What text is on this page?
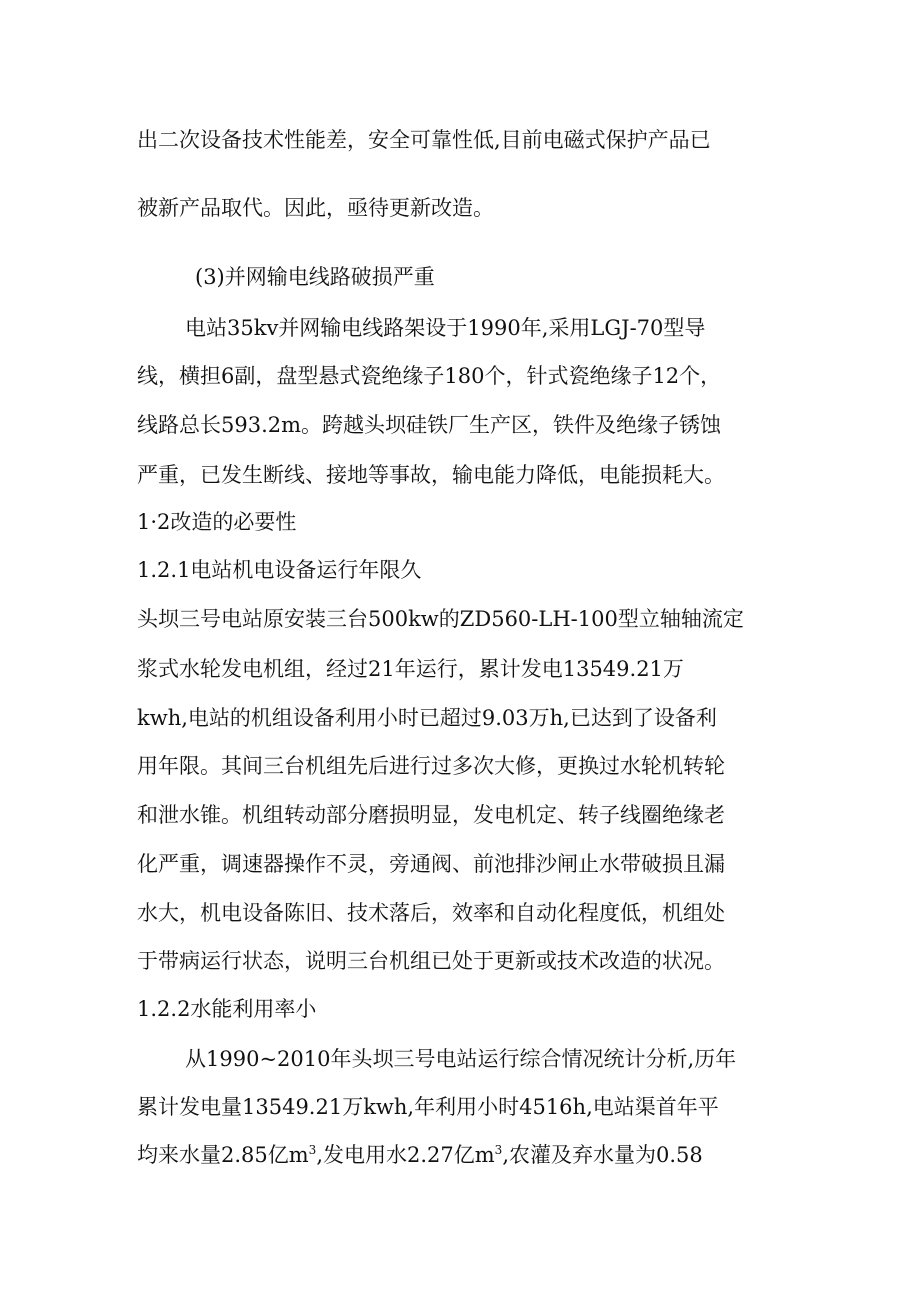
出二次设备技术性能差，安全可靠性低,目前电磁式保护产品已
被新产品取代。因此，亟待更新改造。
(3)并网输电线路破损严重
电站35kv并网输电线路架设于1990年,采用LGJ-70型导
线，横担6副，盘型悬式瓷绝缘子180个，针式瓷绝缘子12个，
线路总长593.2m。跨越头坝硅铁厂生产区，铁件及绝缘子锈蚀
严重，已发生断线、接地等事故，输电能力降低，电能损耗大。
1·2改造的必要性
1.2.1电站机电设备运行年限久
头坝三号电站原安装三台500kw的ZD560-LH-100型立轴轴流定
浆式水轮发电机组，经过21年运行，累计发电13549.21万
kwh,电站的机组设备利用小时已超过9.03万h,已达到了设备利
用年限。其间三台机组先后进行过多次大修，更换过水轮机转轮
和泄水锥。机组转动部分磨损明显，发电机定、转子线圈绝缘老
化严重，调速器操作不灵，旁通阀、前池排沙闸止水带破损且漏
水大，机电设备陈旧、技术落后，效率和自动化程度低，机组处
于带病运行状态，说明三台机组已处于更新或技术改造的状况。
1.2.2水能利用率小
从1990~2010年头坝三号电站运行综合情况统计分析,历年
累计发电量13549.21万kwh,年利用小时4516h,电站渠首年平
均来水量2.85亿$m^3$,发电用水2.27亿$m^3$,农灌及弃水量为0.58
